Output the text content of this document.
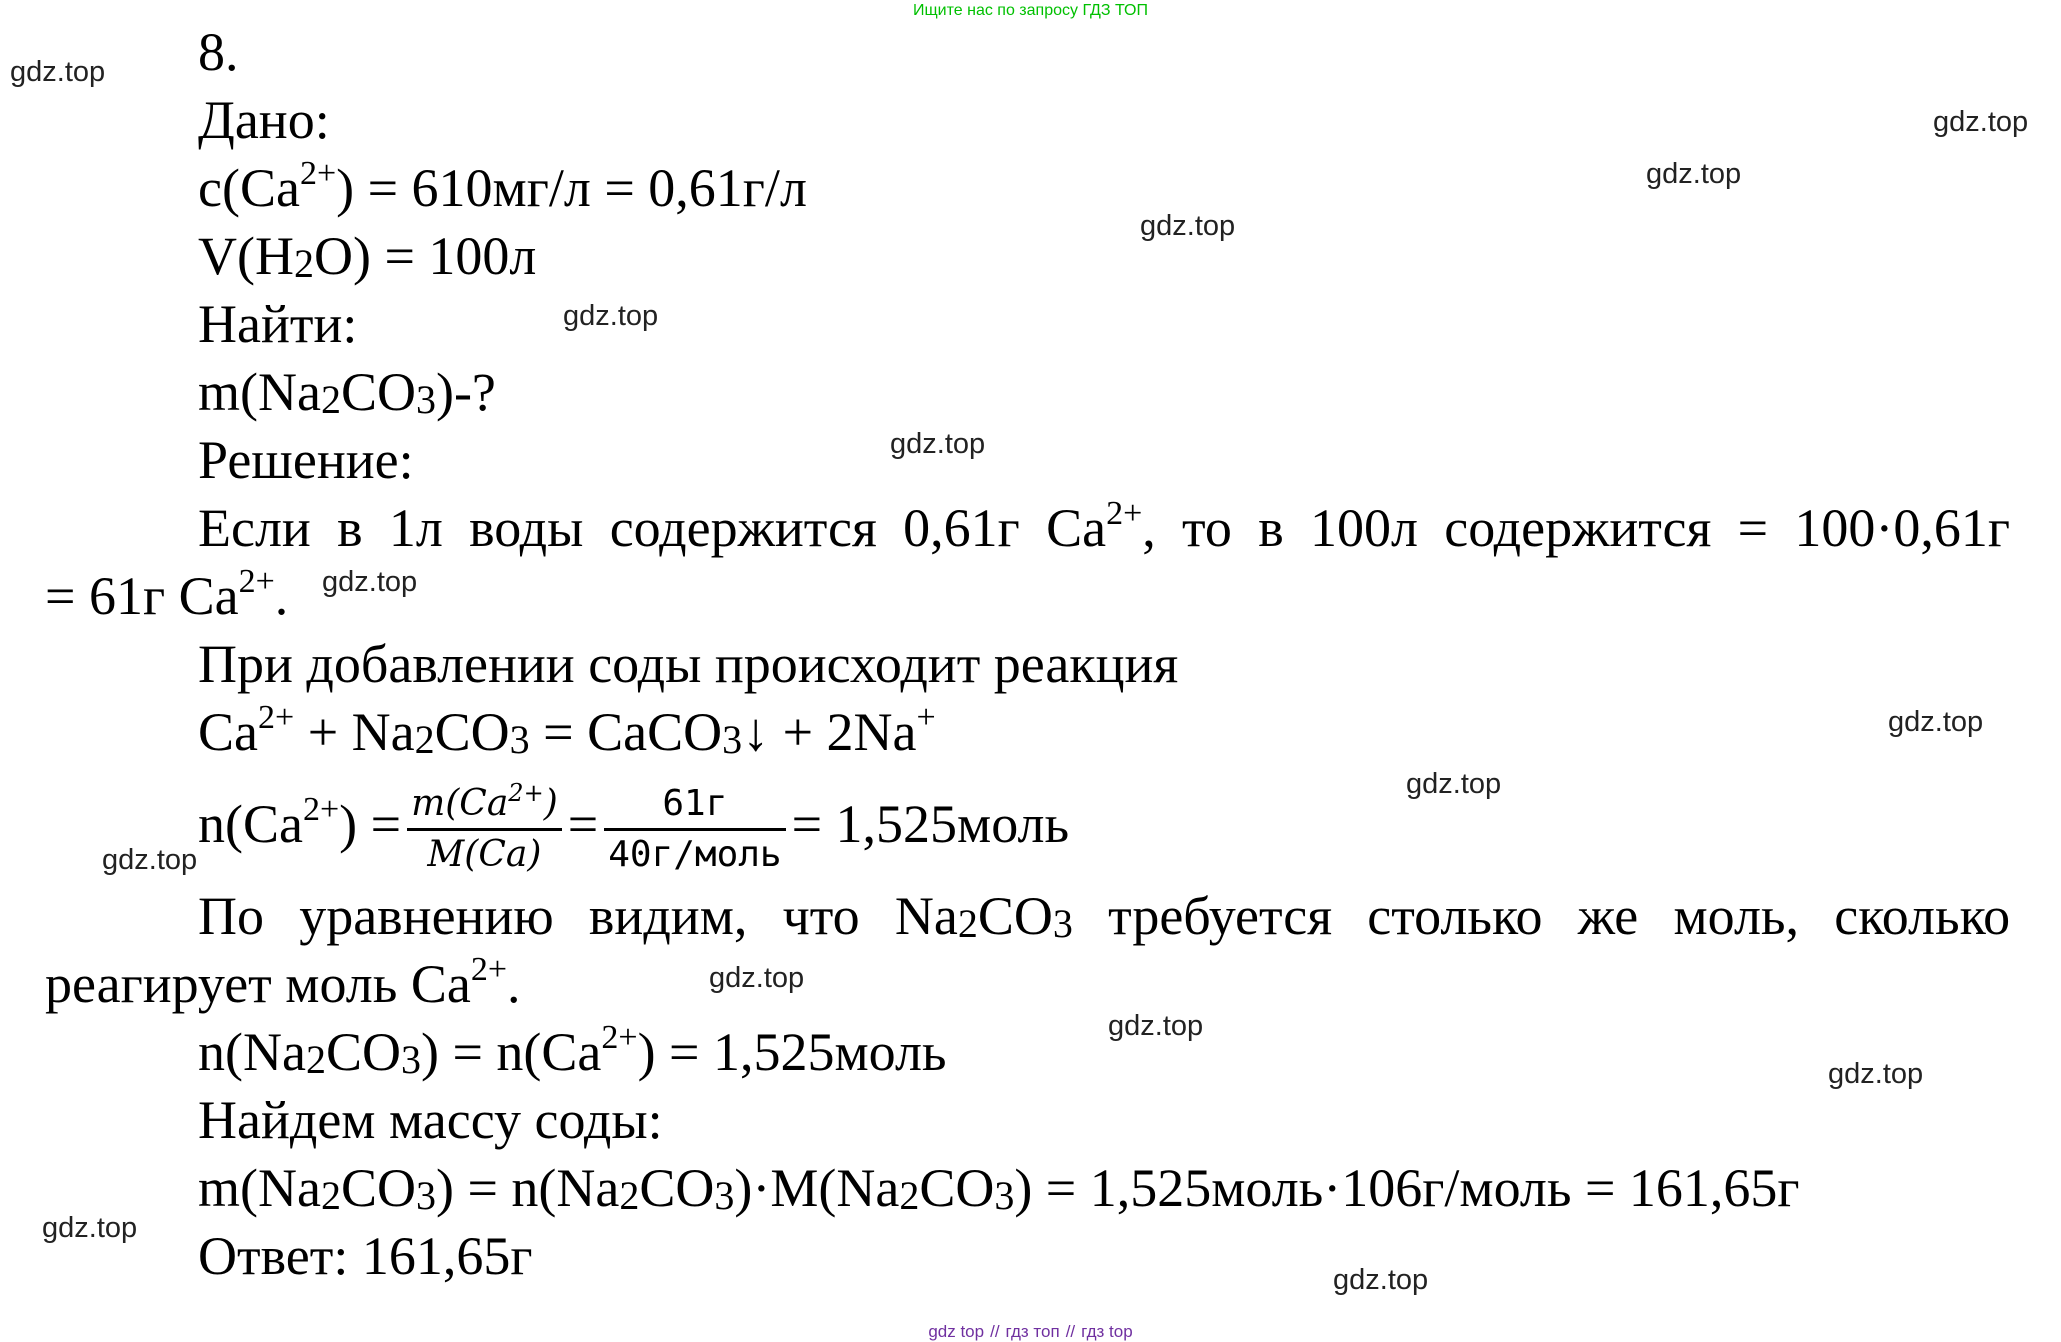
Ищите нас по запросу ГДЗ ТОП
8.
Дано:
$c(Ca^{2+}) = 610мг/л = 0,61г/л$
$V(H_2O) = 100л$
Найти:
$m(Na_2CO_3)-$?
Решение:
Если в 1л воды содержится 0,61г $Ca^{2+}$, то в 100л содержится = 100·0,61г
= 61г $Ca^{2+}$.
При добавлении соды происходит реакция
$Ca^{2+} + Na_2CO_3$ = CaCO$_3$↓ + 2Na+
$n(Ca^{2+}) = \frac{m(Ca^{2+})}{M(Ca)} = \frac{61г}{\text{40г/моль}}$ = 1,525моль
По уравнению видим, что $Na_2CO_3$ требуется столько же моль, сколько
реагирует моль $Ca^{2+}$.
$n(Na_2CO_3) = n(Ca^{2+})$ = 1,525моль
Найдем массу соды:
$m(Na_2CO_3) = n(Na_2CO_3)\cdot M(Na_2CO_3)$ = 1,525моль·106г/моль = 161,65г
Ответ: 161,65г
gdz.top
gdz.top
gdz.top
gdz.top
gdz.top
gdz.top
gdz.top
gdz.top
gdz.top
gdz.top
gdz.top
gdz.top
gdz.top
gdz.top
gdz.top
gdz top // гдз топ // гдз top
